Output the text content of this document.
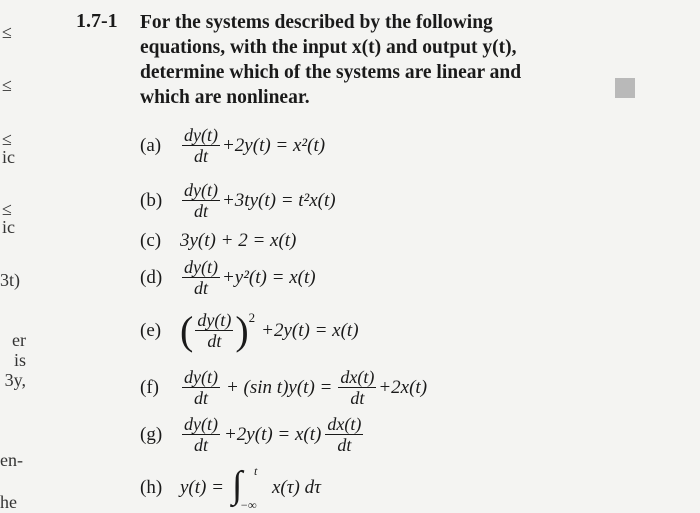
≤
≤
≤
ic
≤
ic
3t)
er
is
3y,
en-
he
1.7-1 For the systems described by the following
equations, with the input x(t) and output y(t),
determine which of the systems are linear and
which are nonlinear.
(a)	$\frac{dy(t)}{dt} +2y(t) = x^2(t)$
(b)	$\frac{dy(t)}{dt} +3ty(t) = t^2x(t)$
(c) 3y(t) + 2 = x(t)
(d)	$\frac{dy(t)}{dt} +y^2(t) = x(t)$
(e) ( $\frac{dy(t)}{dt}$ ) 2
+2y(t) = x(t)
(f)	$\frac{dy(t)}{dt} + (\sin$ $t)y(t) = \frac{dx(t)}{dt} +2x(t)$
(g)	$\frac{dy(t)}{dt} +2y(t) = x(t) \frac{dx(t)}{dt}$
(h) y(t) = ∫ t
−∞
x(τ) dτ
